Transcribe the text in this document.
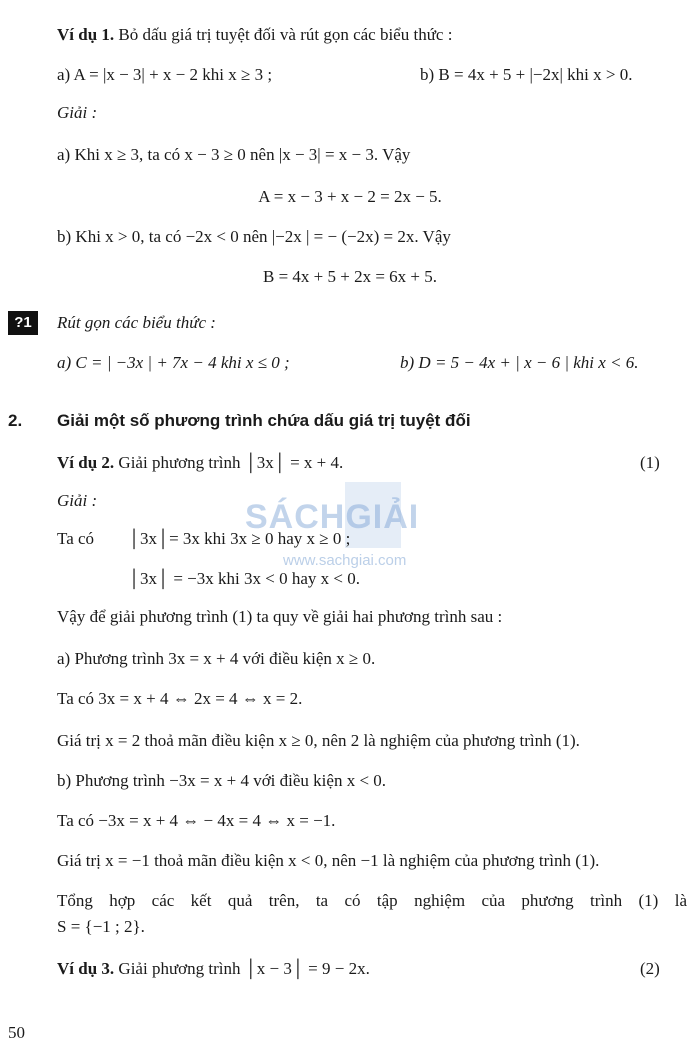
Ví dụ 1. Bỏ dấu giá trị tuyệt đối và rút gọn các biểu thức :
a) A = |x − 3| + x − 2 khi x ≥ 3 ;	b) B = 4x + 5 + |−2x| khi x > 0.
Giải :
a) Khi x ≥ 3, ta có x − 3 ≥ 0 nên |x − 3| = x − 3. Vậy
A = x − 3 + x − 2 = 2x − 5.
b) Khi x > 0, ta có −2x < 0 nên |−2x | = − (−2x) = 2x. Vậy
B = 4x + 5 + 2x = 6x + 5.
?1	Rút gọn các biểu thức :
a) C = | −3x | + 7x − 4 khi x ≤ 0 ;	b) D = 5 − 4x + | x − 6 | khi x < 6.
2. Giải một số phương trình chứa dấu giá trị tuyệt đối
Ví dụ 2. Giải phương trình │3x│ = x + 4.	(1)
Giải :	SÁCHGIẢI
www.sachgiai.com
Ta có │3x│= 3x khi 3x ≥ 0 hay x ≥ 0 ;
│3x│ = −3x khi 3x < 0 hay x < 0.
Vậy để giải phương trình (1) ta quy về giải hai phương trình sau :
a) Phương trình 3x = x + 4 với điều kiện x ≥ 0.
Ta có 3x = x + 4 ⇔ 2x = 4 ⇔ x = 2.
Giá trị x = 2 thoả mãn điều kiện x ≥ 0, nên 2 là nghiệm của phương trình (1).
b) Phương trình −3x = x + 4 với điều kiện x < 0.
Ta có −3x = x + 4 ⇔ − 4x = 4 ⇔ x = −1.
Giá trị x = −1 thoả mãn điều kiện x < 0, nên −1 là nghiệm của phương trình (1).
Tổng hợp các kết quả trên, ta có tập nghiệm của phương trình (1) là
S = {−1 ; 2}.
Ví dụ 3. Giải phương trình │x − 3│ = 9 − 2x.	(2)
50
